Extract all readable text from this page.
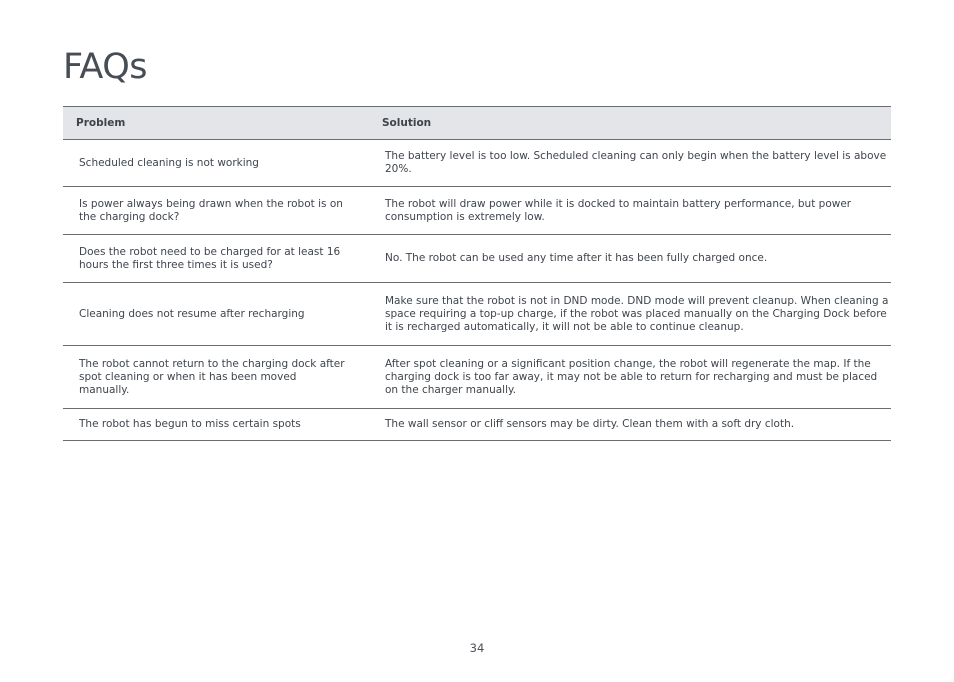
FAQs
Problem	Solution
Scheduled cleaning is not working	The battery level is too low. Scheduled cleaning can only begin when the battery level is above 20%.
Is power always being drawn when the robot is on the charging dock?	The robot will draw power while it is docked to maintain battery performance, but power consumption is extremely low.
Does the robot need to be charged for at least 16 hours the first three times it is used?	No. The robot can be used any time after it has been fully charged once.
Cleaning does not resume after recharging	Make sure that the robot is not in DND mode. DND mode will prevent cleanup. When cleaning a space requiring a top-up charge, if the robot was placed manually on the Charging Dock before it is recharged automatically, it will not be able to continue cleanup.
The robot cannot return to the charging dock after spot cleaning or when it has been moved manually.	After spot cleaning or a significant position change, the robot will regenerate the map. If the charging dock is too far away, it may not be able to return for recharging and must be placed on the charger manually.
The robot has begun to miss certain spots	The wall sensor or cliff sensors may be dirty. Clean them with a soft dry cloth.
34
